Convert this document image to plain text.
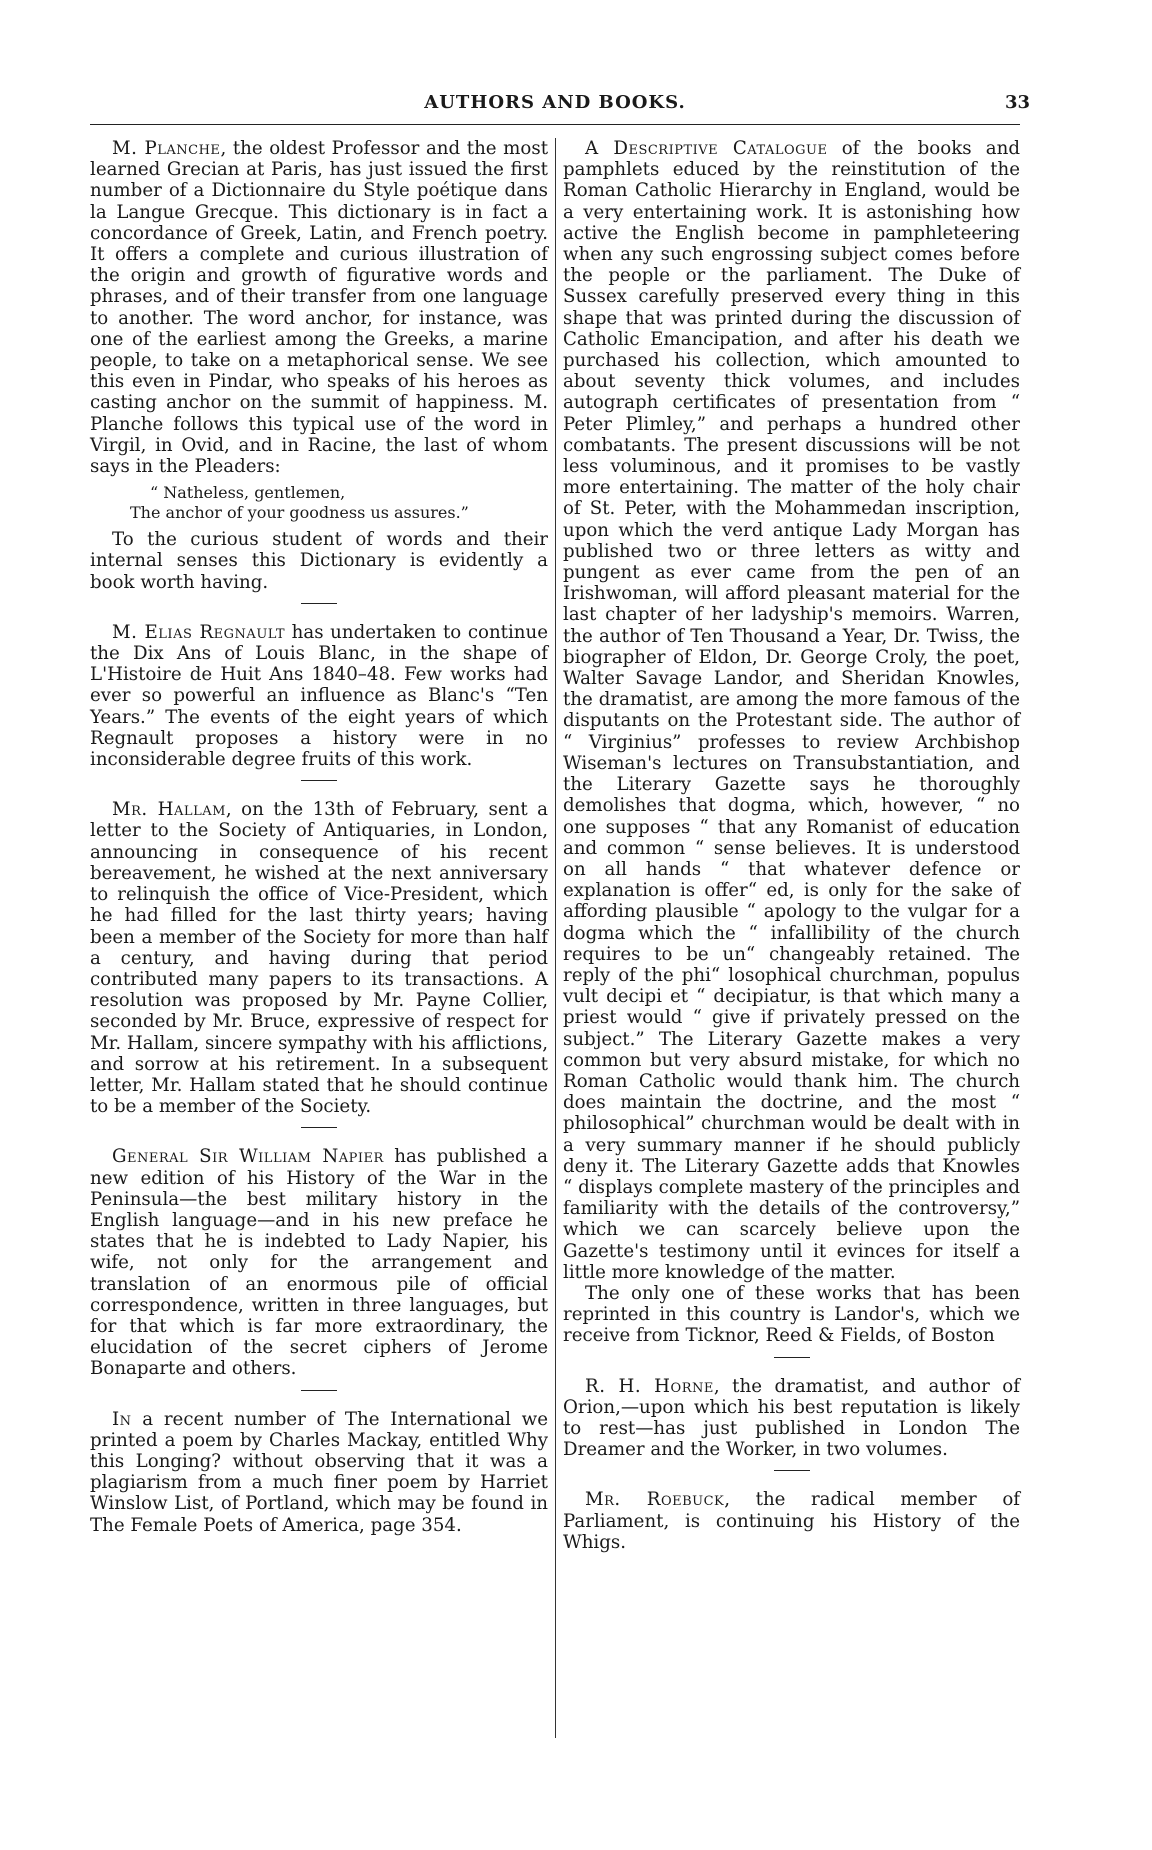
AUTHORS AND BOOKS.	33

M. Planche, the oldest Professor and the most learned Grecian at Paris, has just issued the first number of a Dictionnaire du Style poétique dans la Langue Grecque. This dictionary is in fact a concordance of Greek, Latin, and French poetry. It offers a complete and curious illustration of the origin and growth of figurative words and phrases, and of their transfer from one language to another. The word anchor, for instance, was one of the earliest among the Greeks, a marine people, to take on a metaphorical sense. We see this even in Pindar, who speaks of his heroes as casting anchor on the summit of happiness. M. Planche follows this typical use of the word in Virgil, in Ovid, and in Racine, the last of whom says in the Pleaders:

“ Natheless, gentlemen,
The anchor of your goodness us assures.”

To the curious student of words and their internal senses this Dictionary is evidently a book worth having.

M. Elias Regnault has undertaken to continue the Dix Ans of Louis Blanc, in the shape of L'Histoire de Huit Ans 1840–48. Few works had ever so powerful an influence as Blanc's “Ten Years.” The events of the eight years of which Regnault proposes a history were in no inconsiderable degree fruits of this work.

Mr. Hallam, on the 13th of February, sent a letter to the Society of Antiquaries, in London, announcing in consequence of his recent bereavement, he wished at the next anniversary to relinquish the office of Vice-President, which he had filled for the last thirty years; having been a member of the Society for more than half a century, and having during that period contributed many papers to its transactions. A resolution was proposed by Mr. Payne Collier, seconded by Mr. Bruce, expressive of respect for Mr. Hallam, sincere sympathy with his afflictions, and sorrow at his retirement. In a subsequent letter, Mr. Hallam stated that he should continue to be a member of the Society.

General Sir William Napier has published a new edition of his History of the War in the Peninsula—the best military history in the English language—and in his new preface he states that he is indebted to Lady Napier, his wife, not only for the arrangement and translation of an enormous pile of official correspondence, written in three languages, but for that which is far more extraordinary, the elucidation of the secret ciphers of Jerome Bonaparte and others.

In a recent number of The International we printed a poem by Charles Mackay, entitled Why this Longing? without observing that it was a plagiarism from a much finer poem by Harriet Winslow List, of Portland, which may be found in The Female Poets of America, page 354.

A Descriptive Catalogue of the books and pamphlets educed by the reinstitution of the Roman Catholic Hierarchy in England, would be a very entertaining work. It is astonishing how active the English become in pamphleteering when any such engrossing subject comes before the people or the parliament. The Duke of Sussex carefully preserved every thing in this shape that was printed during the discussion of Catholic Emancipation, and after his death we purchased his collection, which amounted to about seventy thick volumes, and includes autograph certificates of presentation from “ Peter Plimley,” and perhaps a hundred other combatants. The present discussions will be not less voluminous, and it promises to be vastly more entertaining. The matter of the holy chair of St. Peter, with the Mohammedan inscription, upon which the verd antique Lady Morgan has published two or three letters as witty and pungent as ever came from the pen of an Irishwoman, will afford pleasant material for the last chapter of her ladyship's memoirs. Warren, the author of Ten Thousand a Year, Dr. Twiss, the biographer of Eldon, Dr. George Croly, the poet, Walter Savage Landor, and Sheridan Knowles, the dramatist, are among the more famous of the disputants on the Protestant side. The author of “ Virginius” professes to review Archbishop Wiseman's lectures on Transubstantiation, and the Literary Gazette says he thoroughly demolishes that dogma, which, however, “ no one supposes “ that any Romanist of education and common “ sense believes. It is understood on all hands “ that whatever defence or explanation is offer“ ed, is only for the sake of affording plausible “ apology to the vulgar for a dogma which the “ infallibility of the church requires to be un“ changeably retained. The reply of the phi“ losophical churchman, populus vult decipi et “ decipiatur, is that which many a priest would “ give if privately pressed on the subject.” The Literary Gazette makes a very common but very absurd mistake, for which no Roman Catholic would thank him. The church does maintain the doctrine, and the most “ philosophical” churchman would be dealt with in a very summary manner if he should publicly deny it. The Literary Gazette adds that Knowles “ displays complete mastery of the principles and familiarity with the details of the controversy,” which we can scarcely believe upon the Gazette's testimony until it evinces for itself a little more knowledge of the matter.

The only one of these works that has been reprinted in this country is Landor's, which we receive from Ticknor, Reed & Fields, of Boston

R. H. Horne, the dramatist, and author of Orion,—upon which his best reputation is likely to rest—has just published in London The Dreamer and the Worker, in two volumes.

Mr. Roebuck, the radical member of Parliament, is continuing his History of the Whigs.
